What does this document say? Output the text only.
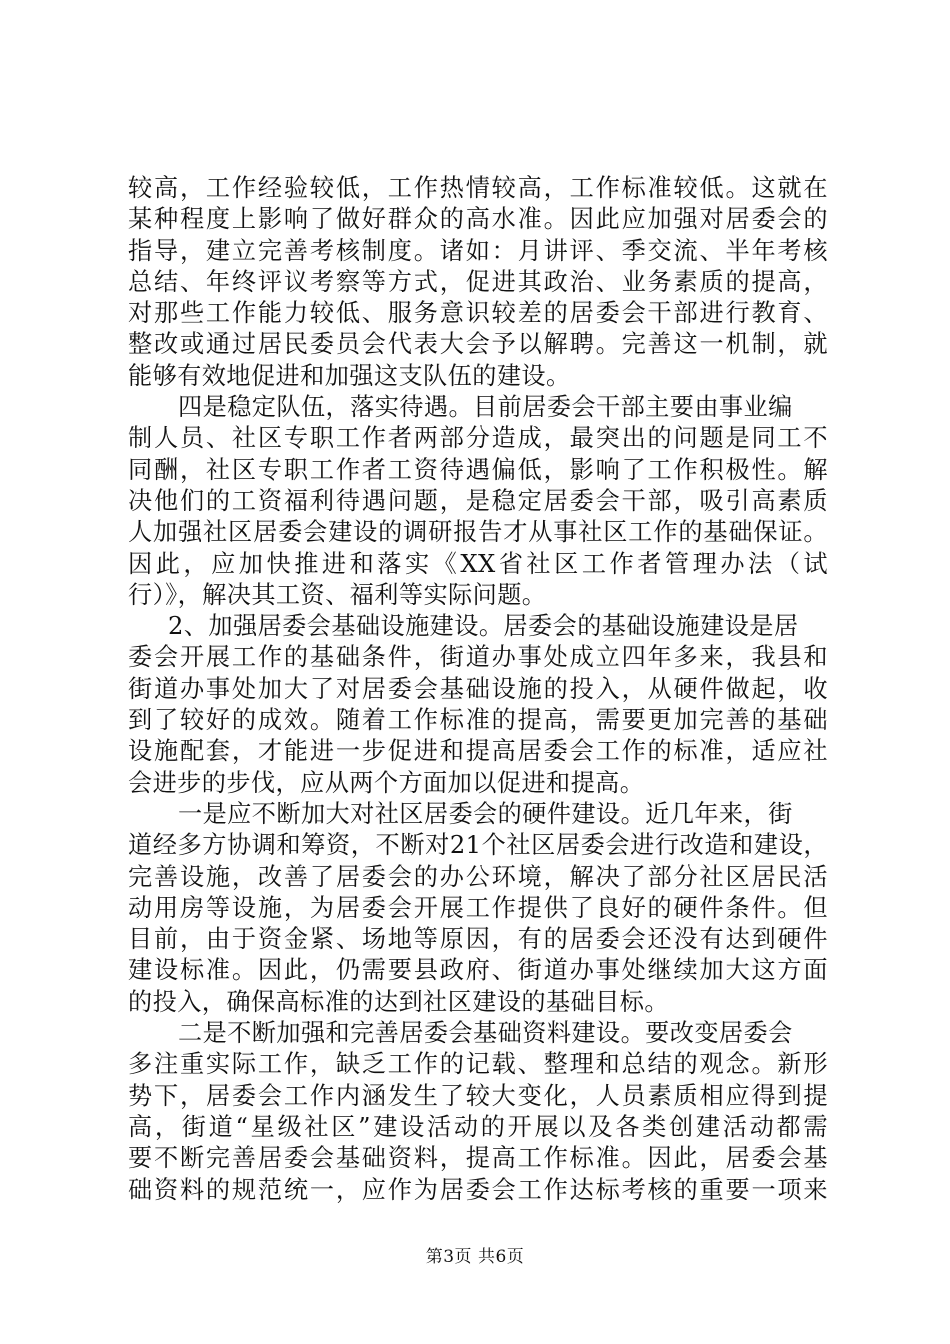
较高，工作经验较低，工作热情较高，工作标准较低。这就在
某种程度上影响了做好群众的高水准。因此应加强对居委会的
指导，建立完善考核制度。诸如：月讲评、季交流、半年考核
总结、年终评议考察等方式，促进其政治、业务素质的提高，
对那些工作能力较低、服务意识较差的居委会干部进行教育、
整改或通过居民委员会代表大会予以解聘。完善这一机制，就
能够有效地促进和加强这支队伍的建设。
四是稳定队伍，落实待遇。目前居委会干部主要由事业编
制人员、社区专职工作者两部分造成，最突出的问题是同工不
同酬，社区专职工作者工资待遇偏低，影响了工作积极性。解
决他们的工资福利待遇问题，是稳定居委会干部，吸引高素质
人加强社区居委会建设的调研报告才从事社区工作的基础保证。
因此，应加快推进和落实《XX省社区工作者管理办法（试
行）》，解决其工资、福利等实际问题。
2、加强居委会基础设施建设。居委会的基础设施建设是居
委会开展工作的基础条件，街道办事处成立四年多来，我县和
街道办事处加大了对居委会基础设施的投入，从硬件做起，收
到了较好的成效。随着工作标准的提高，需要更加完善的基础
设施配套，才能进一步促进和提高居委会工作的标准，适应社
会进步的步伐，应从两个方面加以促进和提高。
一是应不断加大对社区居委会的硬件建设。近几年来，街
道经多方协调和筹资，不断对21个社区居委会进行改造和建设，
完善设施，改善了居委会的办公环境，解决了部分社区居民活
动用房等设施，为居委会开展工作提供了良好的硬件条件。但
目前，由于资金紧、场地等原因，有的居委会还没有达到硬件
建设标准。因此，仍需要县政府、街道办事处继续加大这方面
的投入，确保高标准的达到社区建设的基础目标。
二是不断加强和完善居委会基础资料建设。要改变居委会
多注重实际工作，缺乏工作的记载、整理和总结的观念。新形
势下，居委会工作内涵发生了较大变化，人员素质相应得到提
高，街道“星级社区”建设活动的开展以及各类创建活动都需
要不断完善居委会基础资料，提高工作标准。因此，居委会基
础资料的规范统一，应作为居委会工作达标考核的重要一项来
第3页 共6页
